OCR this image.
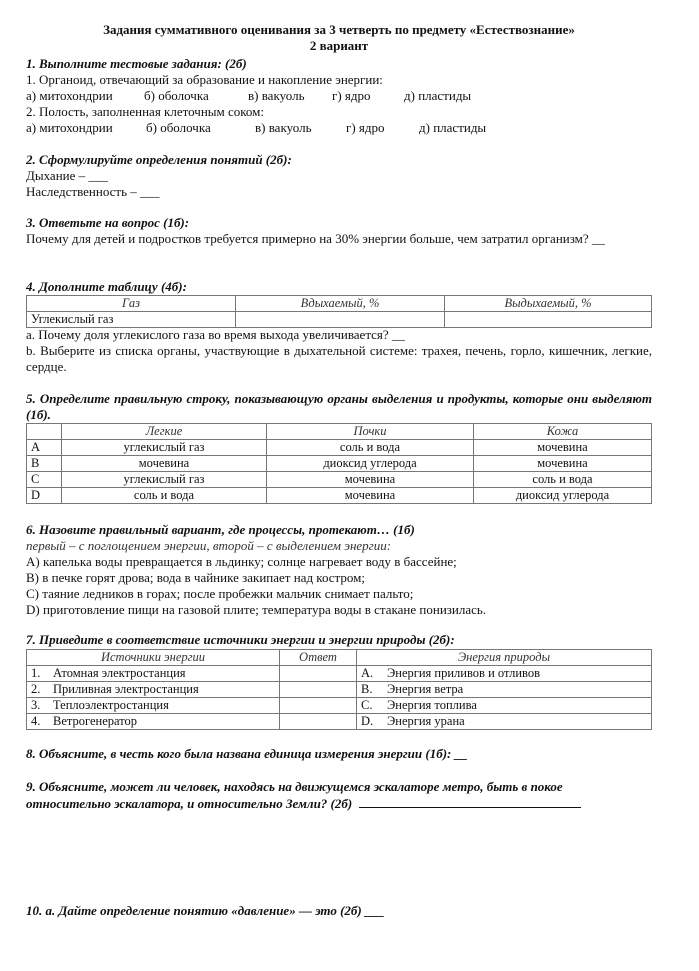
Задания суммативного оценивания за 3 четверть по предмету «Естествознание»
2 вариант
1. Выполните тестовые задания: (2б)
1. Органоид, отвечающий за образование и накопление энергии:
а) митохондрии б) оболочка	в) вакуоль г) ядро	д) пластиды
2. Полость, заполненная клеточным соком:
а) митохондрии	б) оболочка	в) вакуоль	г) ядро	д) пластиды
2. Сформулируйте определения понятий (2б):
Дыхание – ___
Наследственность – ___
3. Ответьте на вопрос (1б):
Почему для детей и подростков требуется примерно на 30% энергии больше, чем затратил организм? __
4. Дополните таблицу (4б):
Газ	Вдыхаемый, %	Выдыхаемый, %
Углекислый газ		
а. Почему доля углекислого газа во время выхода увеличивается? __
b. Выберите из списка органы, участвующие в дыхательной системе: трахея, печень, горло, кишечник, легкие, сердце.
5. Определите правильную строку, показывающую органы выделения и продукты, которые они выделяют (1б).
	Легкие	Почки	Кожа
A	углекислый газ	соль и вода	мочевина
B	мочевина	диоксид углерода	мочевина
C	углекислый газ	мочевина	соль и вода
D	соль и вода	мочевина	диоксид углерода
6. Назовите правильный вариант, где процессы, протекают… (1б)
первый – с поглощением энергии, второй – с выделением энергии:
А) капелька воды превращается в льдинку; солнце нагревает воду в бассейне;
В) в печке горят дрова; вода в чайнике закипает над костром;
С) таяние ледников в горах; после пробежки мальчик снимает пальто;
D) приготовление пищи на газовой плите; температура воды в стакане понизилась.
7. Приведите в соответствие источники энергии и энергии природы (2б):
Источники энергии		Ответ	Энергия природы	
1.	Атомная электростанция		A.	Энергия приливов и отливов
2.	Приливная электростанция		B.	Энергия ветра
3.	Теплоэлектростанция		C.	Энергия топлива
4.	Ветрогенератор		D.	Энергия урана
8. Объясните, в честь кого была названа единица измерения энергии (1б): __
9. Объясните, может ли человек, находясь на движущемся эскалаторе метро, быть в покое
относительно эскалатора, и относительно Земли? (2б)
10. а. Дайте определение понятию «давление» — это (2б) ___
